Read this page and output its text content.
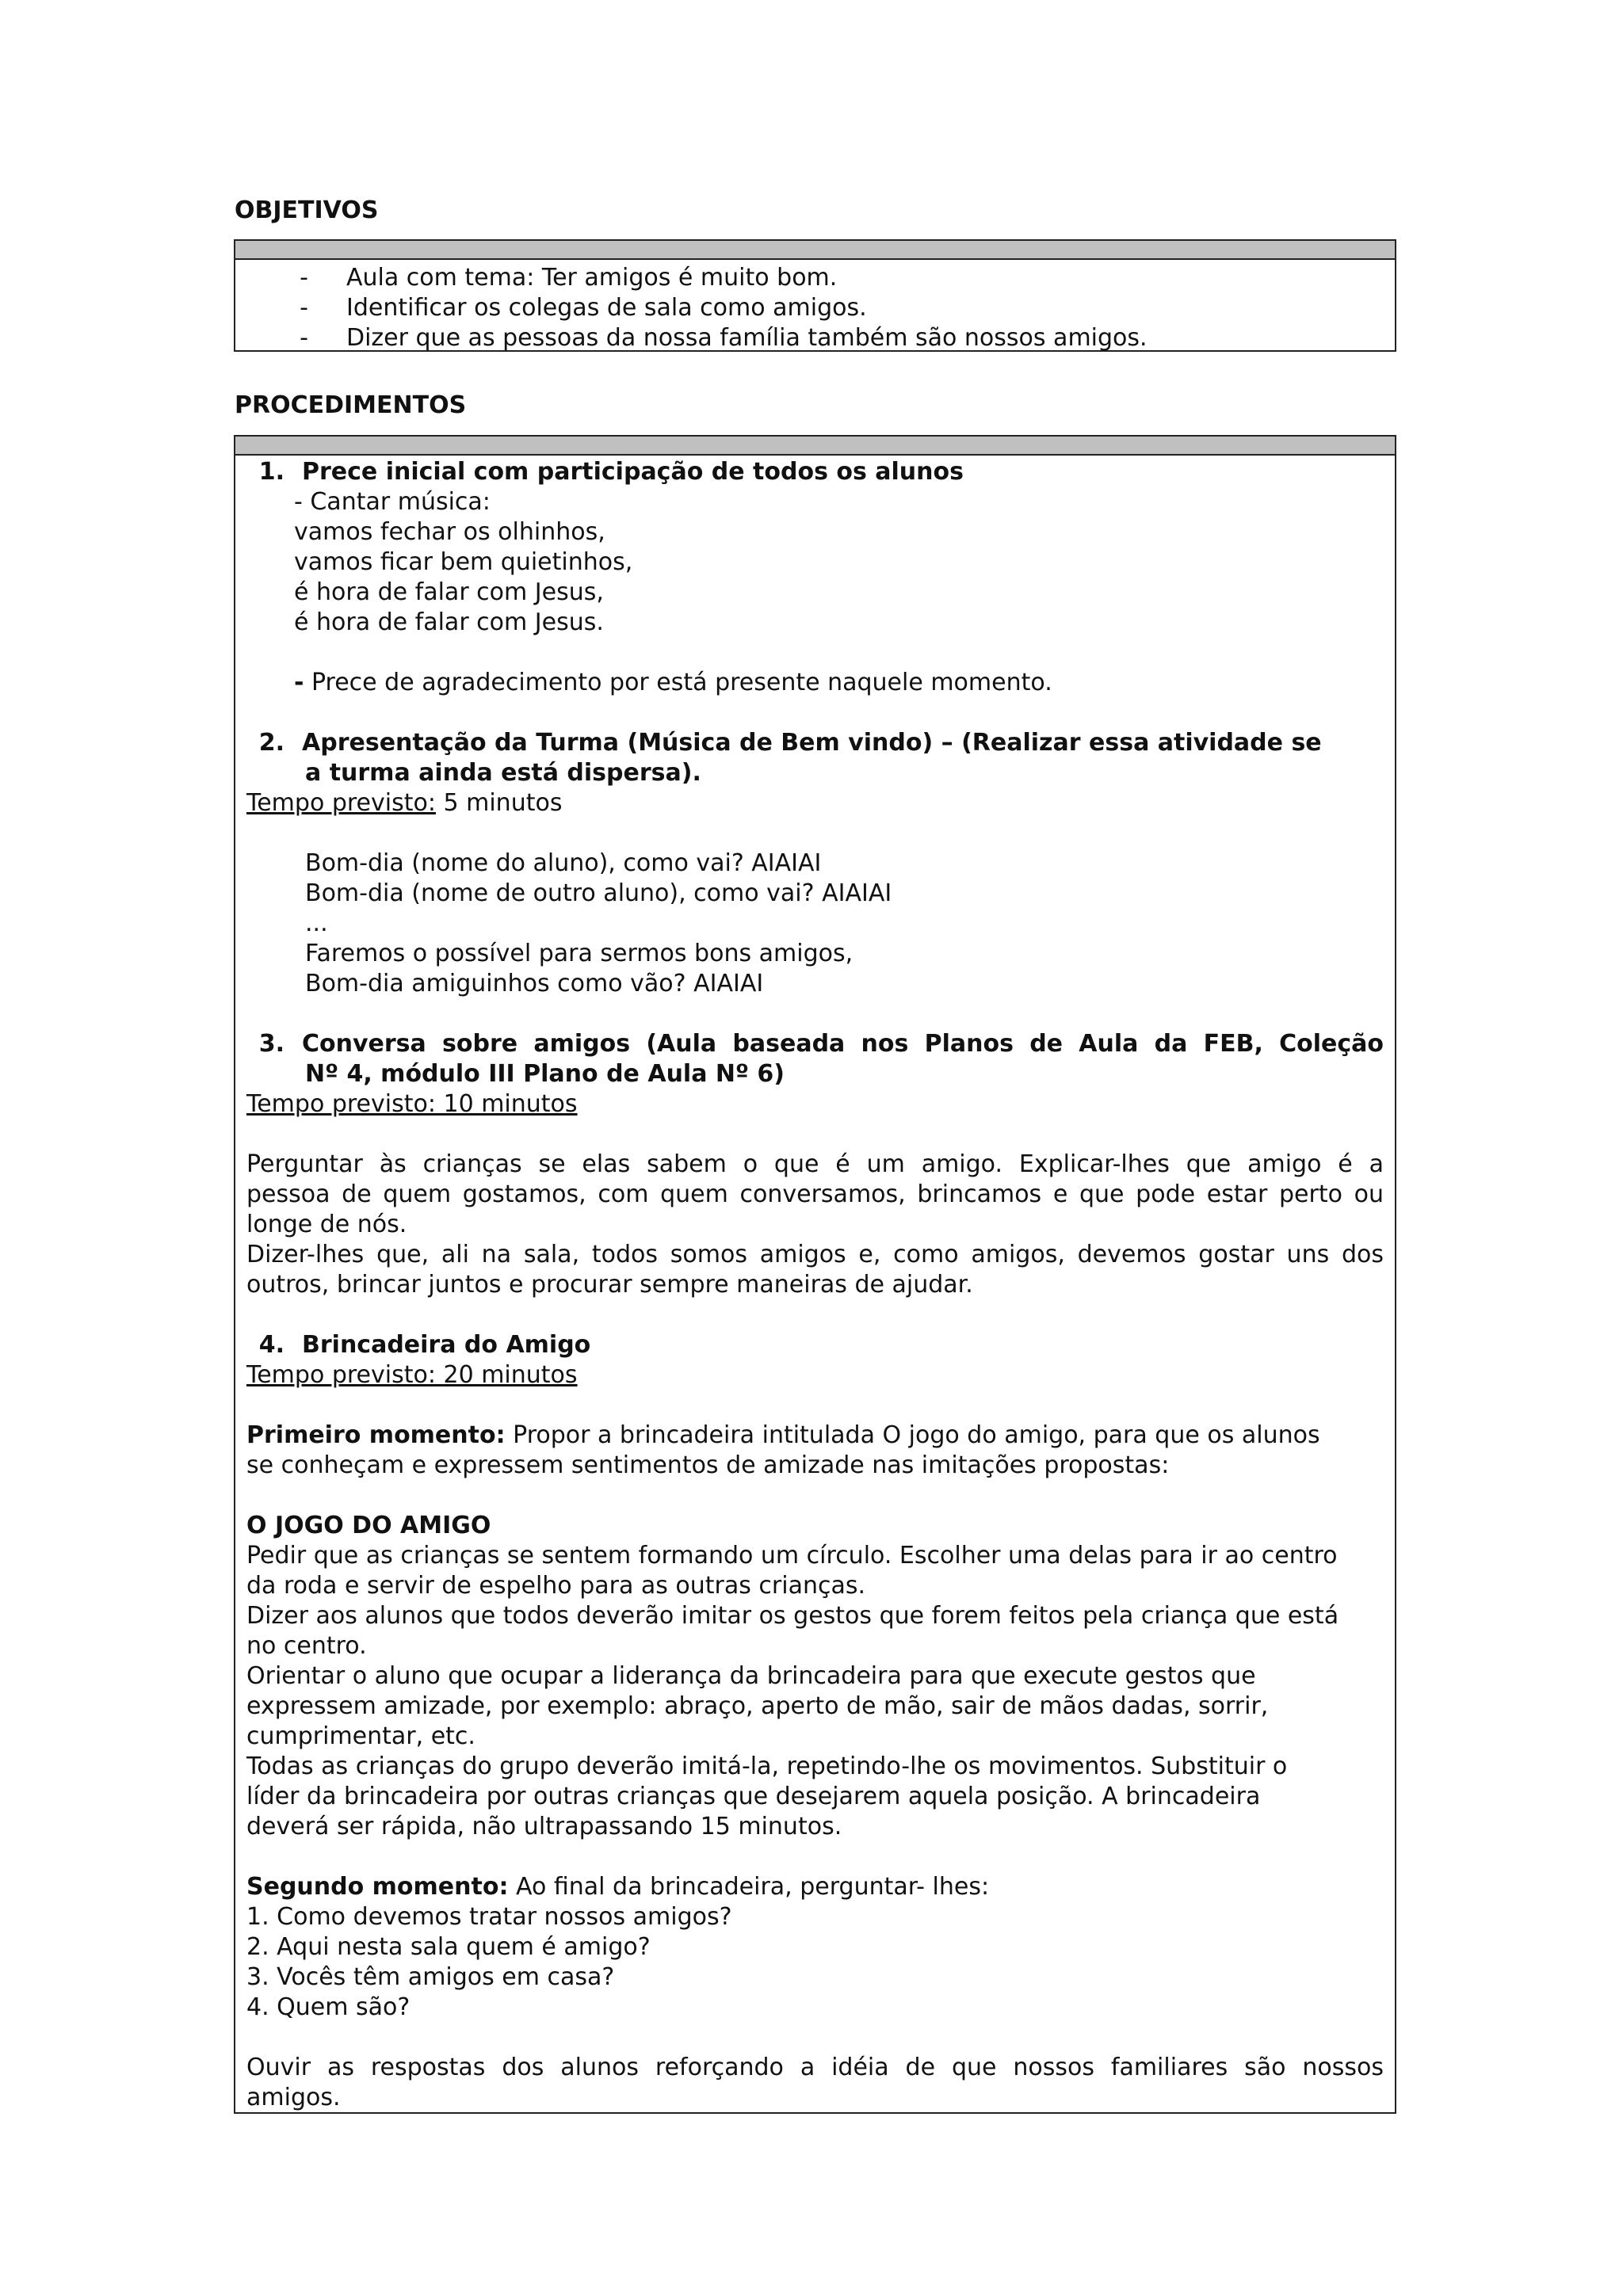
OBJETIVOS
-	Aula com tema: Ter amigos é muito bom.
-	Identificar os colegas de sala como amigos.
-	Dizer que as pessoas da nossa família também são nossos amigos.
PROCEDIMENTOS
1. Prece inicial com participação de todos os alunos
- Cantar música:
vamos fechar os olhinhos,
vamos ficar bem quietinhos,
é hora de falar com Jesus,
é hora de falar com Jesus.
- Prece de agradecimento por está presente naquele momento.
2. Apresentação da Turma (Música de Bem vindo) – (Realizar essa atividade se
a turma ainda está dispersa).
Tempo previsto: 5 minutos
Bom-dia (nome do aluno), como vai? AIAIAI
Bom-dia (nome de outro aluno), como vai? AIAIAI
...
Faremos o possível para sermos bons amigos,
Bom-dia amiguinhos como vão? AIAIAI
3. Conversa sobre amigos (Aula baseada nos Planos de Aula da FEB, Coleção
Nº 4, módulo III Plano de Aula Nº 6)
Tempo previsto: 10 minutos
Perguntar às crianças se elas sabem o que é um amigo. Explicar-lhes que amigo é a
pessoa de quem gostamos, com quem conversamos, brincamos e que pode estar perto ou
longe de nós.
Dizer-lhes que, ali na sala, todos somos amigos e, como amigos, devemos gostar uns dos
outros, brincar juntos e procurar sempre maneiras de ajudar.
4. Brincadeira do Amigo
Tempo previsto: 20 minutos
Primeiro momento: Propor a brincadeira intitulada O jogo do amigo, para que os alunos
se conheçam e expressem sentimentos de amizade nas imitações propostas:
O JOGO DO AMIGO
Pedir que as crianças se sentem formando um círculo. Escolher uma delas para ir ao centro
da roda e servir de espelho para as outras crianças.
Dizer aos alunos que todos deverão imitar os gestos que forem feitos pela criança que está
no centro.
Orientar o aluno que ocupar a liderança da brincadeira para que execute gestos que
expressem amizade, por exemplo: abraço, aperto de mão, sair de mãos dadas, sorrir,
cumprimentar, etc.
Todas as crianças do grupo deverão imitá-la, repetindo-lhe os movimentos. Substituir o
líder da brincadeira por outras crianças que desejarem aquela posição. A brincadeira
deverá ser rápida, não ultrapassando 15 minutos.
Segundo momento: Ao final da brincadeira, perguntar- lhes:
1. Como devemos tratar nossos amigos?
2. Aqui nesta sala quem é amigo?
3. Vocês têm amigos em casa?
4. Quem são?
Ouvir as respostas dos alunos reforçando a idéia de que nossos familiares são nossos
amigos.
